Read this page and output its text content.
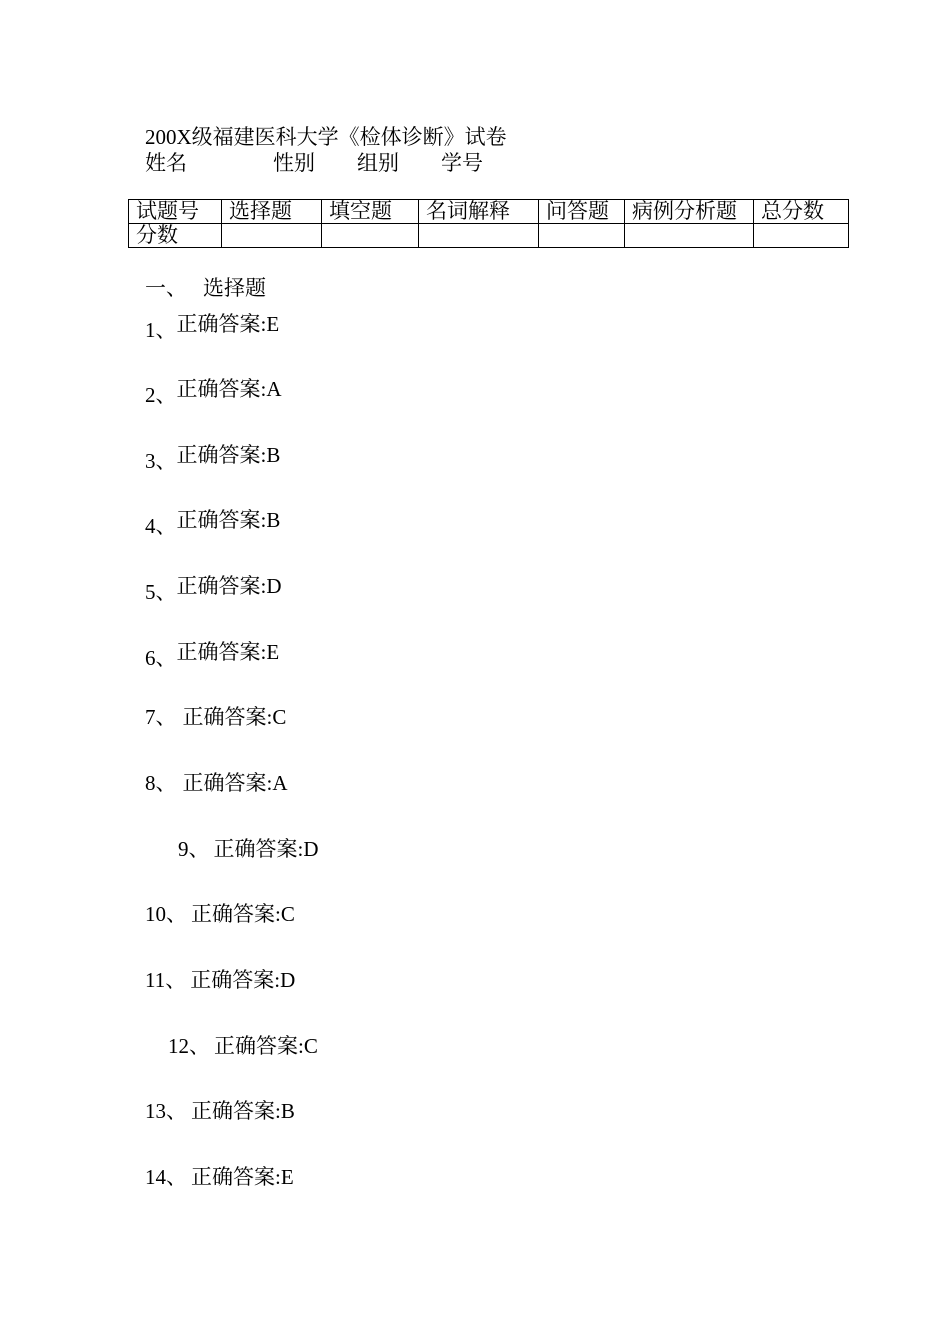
200X级福建医科大学《检体诊断》试卷
姓名	性别 组别 学号
试题号	选择题	填空题	名词解释	问答题	病例分析题	总分数
分数						
一、 选择题
1、正确答案:E
2、正确答案:A
3、正确答案:B
4、正确答案:B
5、正确答案:D
6、正确答案:E
7、 正确答案:C
8、 正确答案:A
9、 正确答案:D
10、 正确答案:C
11、 正确答案:D
12、 正确答案:C
13、 正确答案:B
14、 正确答案:E
